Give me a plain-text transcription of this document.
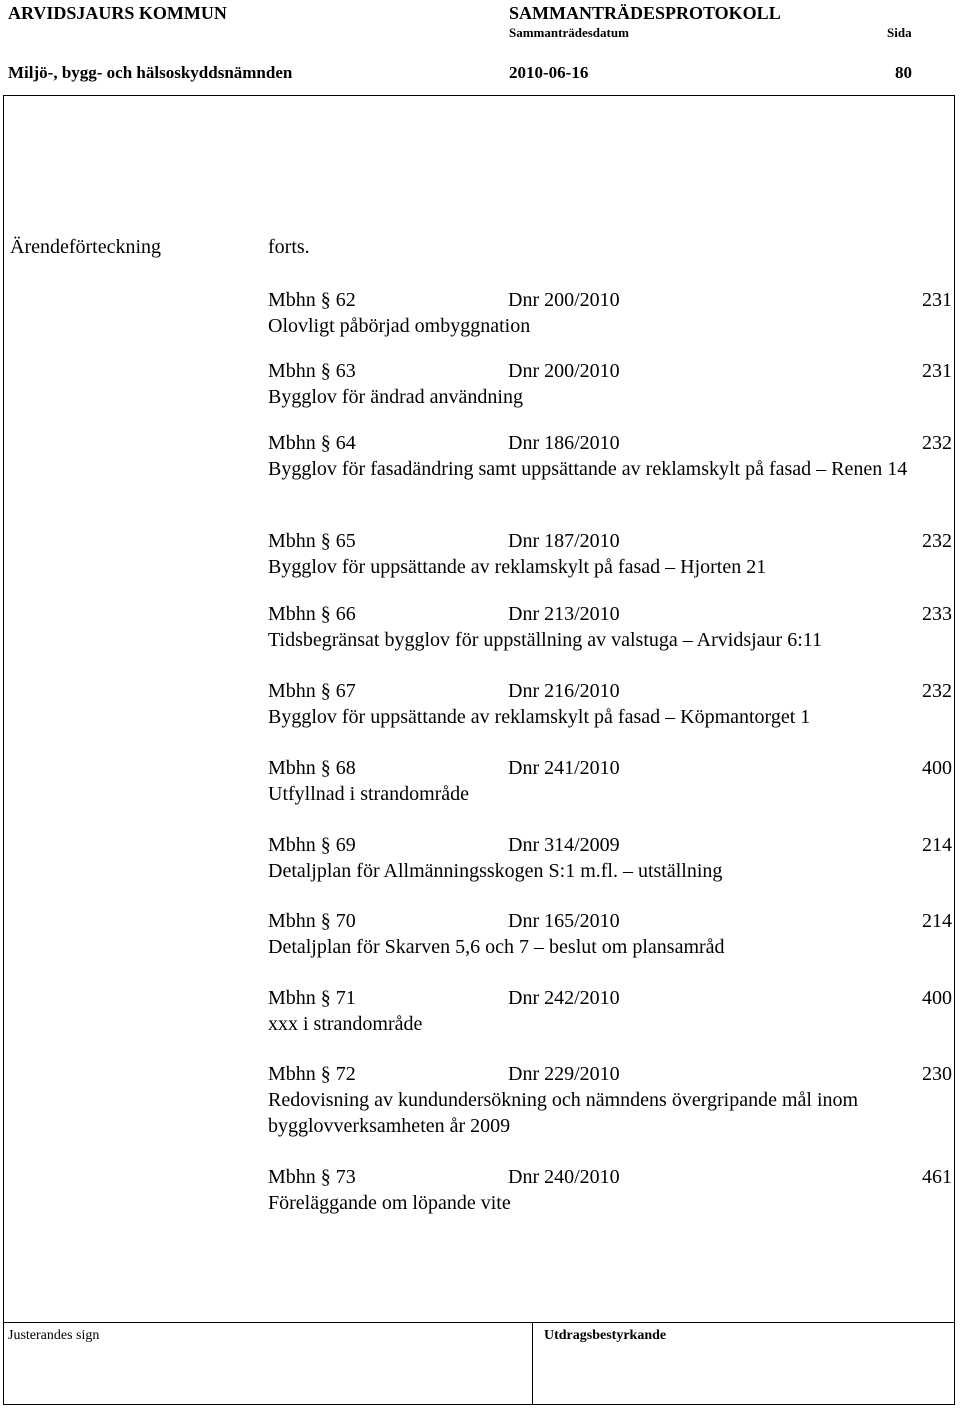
ARVIDSJAURS KOMMUN	SAMMANTRÄDESPROTOKOLL
Sammanträdesdatum	Sida
Miljö-, bygg- och hälsoskyddsnämnden	2010-06-16	80
Ärendeförteckning	forts.
Mbhn § 62	Dnr 200/2010	231
Olovligt påbörjad ombyggnation
Mbhn § 63	Dnr 200/2010	231
Bygglov för ändrad användning
Mbhn § 64	Dnr 186/2010	232
Bygglov för fasadändring samt uppsättande av reklamskylt på fasad – Renen 14
Mbhn § 65	Dnr 187/2010	232
Bygglov för uppsättande av reklamskylt på fasad – Hjorten 21
Mbhn § 66	Dnr 213/2010	233
Tidsbegränsat bygglov för uppställning av valstuga – Arvidsjaur 6:11
Mbhn § 67	Dnr 216/2010	232
Bygglov för uppsättande av reklamskylt på fasad – Köpmantorget 1
Mbhn § 68	Dnr 241/2010	400
Utfyllnad i strandområde
Mbhn § 69	Dnr 314/2009	214
Detaljplan för Allmänningsskogen S:1 m.fl. – utställning
Mbhn § 70	Dnr 165/2010	214
Detaljplan för Skarven 5,6 och 7 – beslut om plansamråd
Mbhn § 71	Dnr 242/2010	400
xxx i strandområde
Mbhn § 72	Dnr 229/2010	230
Redovisning av kundundersökning och nämndens övergripande mål inom bygglovverksamheten år 2009
Mbhn § 73	Dnr 240/2010	461
Föreläggande om löpande vite
Justerandes sign	Utdragsbestyrkande
